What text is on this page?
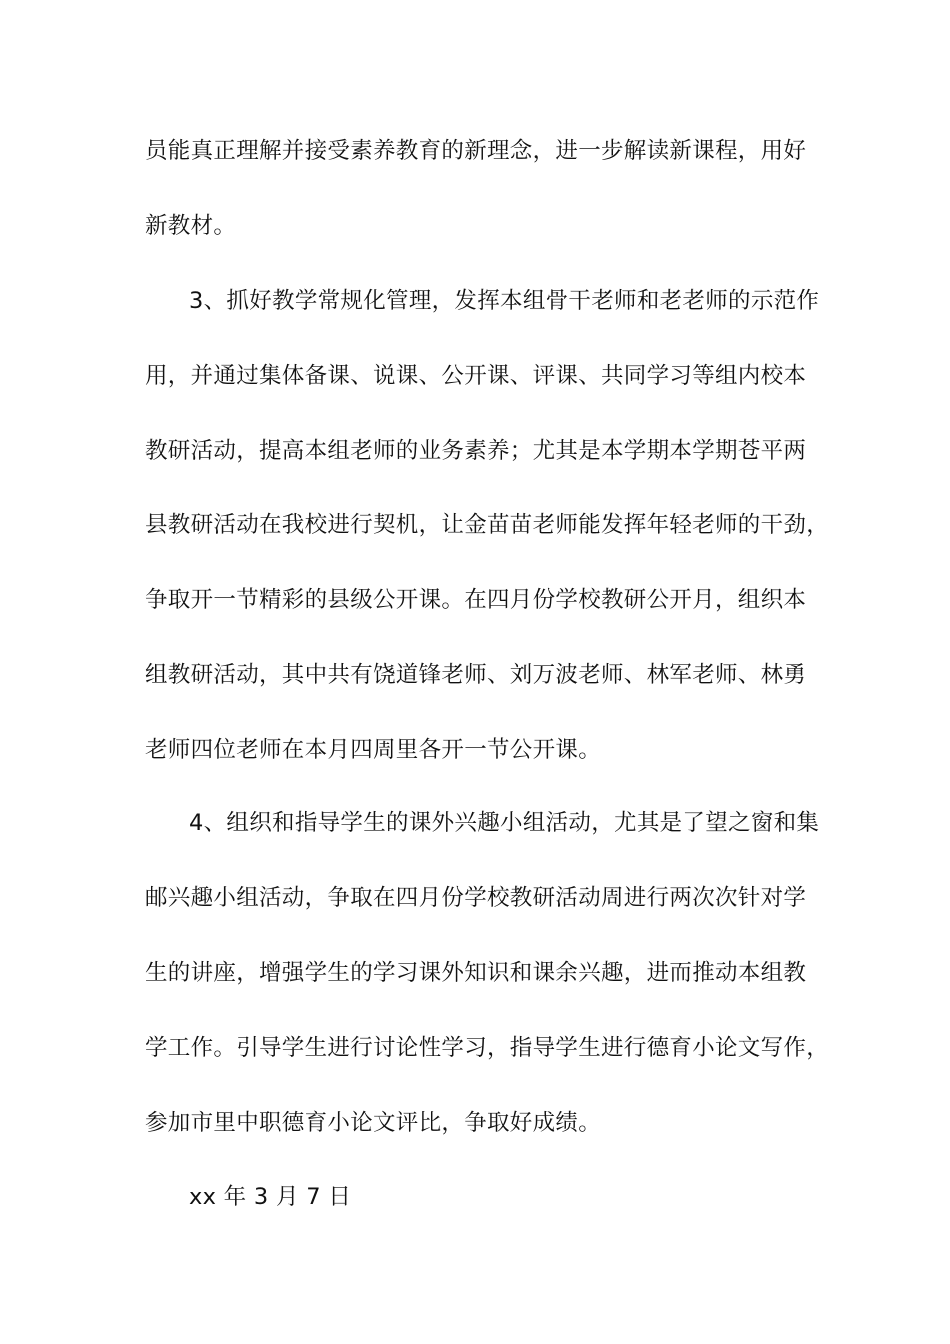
员能真正理解并接受素养教育的新理念，进一步解读新课程，用好
新教材。
3、抓好教学常规化管理，发挥本组骨干老师和老老师的示范作
用，并通过集体备课、说课、公开课、评课、共同学习等组内校本
教研活动，提高本组老师的业务素养；尤其是本学期本学期苍平两
县教研活动在我校进行契机，让金苗苗老师能发挥年轻老师的干劲，
争取开一节精彩的县级公开课。在四月份学校教研公开月，组织本
组教研活动，其中共有饶道锋老师、刘万波老师、林军老师、林勇
老师四位老师在本月四周里各开一节公开课。
4、组织和指导学生的课外兴趣小组活动，尤其是了望之窗和集
邮兴趣小组活动，争取在四月份学校教研活动周进行两次次针对学
生的讲座，增强学生的学习课外知识和课余兴趣，进而推动本组教
学工作。引导学生进行讨论性学习，指导学生进行德育小论文写作，
参加市里中职德育小论文评比，争取好成绩。
xx 年 3 月 7 日
